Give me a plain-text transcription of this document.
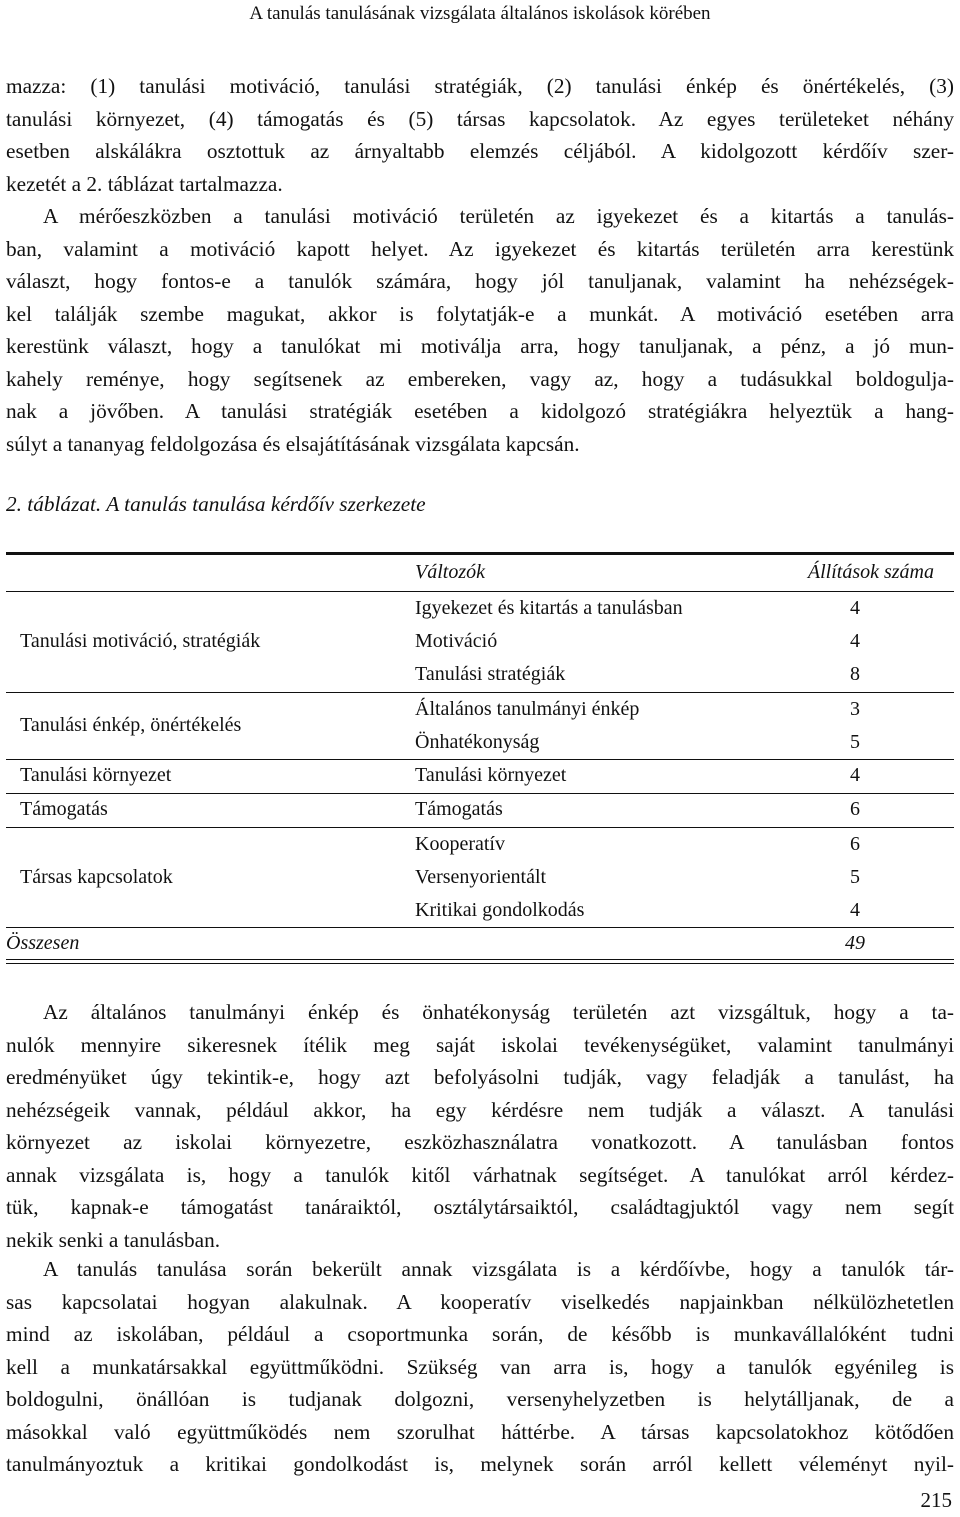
A tanulás tanulásának vizsgálata általános iskolások körében
mazza: (1) tanulási motiváció, tanulási stratégiák, (2) tanulási énkép és önértékelés, (3)
tanulási környezet, (4) támogatás és (5) társas kapcsolatok. Az egyes területeket néhány
esetben alskálákra osztottuk az árnyaltabb elemzés céljából. A kidolgozott kérdőív szer-
kezetét a 2. táblázat tartalmazza.
A mérőeszközben a tanulási motiváció területén az igyekezet és a kitartás a tanulás-
ban, valamint a motiváció kapott helyet. Az igyekezet és kitartás területén arra kerestünk
választ, hogy fontos-e a tanulók számára, hogy jól tanuljanak, valamint ha nehézségek-
kel találják szembe magukat, akkor is folytatják-e a munkát. A motiváció esetében arra
kerestünk választ, hogy a tanulókat mi motiválja arra, hogy tanuljanak, a pénz, a jó mun-
kahely reménye, hogy segítsenek az embereken, vagy az, hogy a tudásukkal boldogulja-
nak a jövőben. A tanulási stratégiák esetében a kidolgozó stratégiákra helyeztük a hang-
súlyt a tananyag feldolgozása és elsajátításának vizsgálata kapcsán.
2. táblázat. A tanulás tanulása kérdőív szerkezete
Változók	Állítások száma
Tanulási motiváció, stratégiák
Tanulási énkép, önértékelés
Tanulási környezet
Támogatás
Társas kapcsolatok
Igyekezet és kitartás a tanulásban
Motiváció
Tanulási stratégiák
Általános tanulmányi énkép
Önhatékonyság
Tanulási környezet
Támogatás
Kooperatív
Versenyorientált
Kritikai gondolkodás
4
4
8
3
5
4
6
6
5
4
Összesen	49
Az általános tanulmányi énkép és önhatékonyság területén azt vizsgáltuk, hogy a ta-
nulók mennyire sikeresnek ítélik meg saját iskolai tevékenységüket, valamint tanulmányi
eredményüket úgy tekintik-e, hogy azt befolyásolni tudják, vagy feladják a tanulást, ha
nehézségeik vannak, például akkor, ha egy kérdésre nem tudják a választ. A tanulási
környezet az iskolai környezetre, eszközhasználatra vonatkozott. A tanulásban fontos
annak vizsgálata is, hogy a tanulók kitől várhatnak segítséget. A tanulókat arról kérdez-
tük, kapnak-e támogatást tanáraiktól, osztálytársaiktól, családtagjuktól vagy nem segít
nekik senki a tanulásban.
A tanulás tanulása során bekerült annak vizsgálata is a kérdőívbe, hogy a tanulók tár-
sas kapcsolatai hogyan alakulnak. A kooperatív viselkedés napjainkban nélkülözhetetlen
mind az iskolában, például a csoportmunka során, de később is munkavállalóként tudni
kell a munkatársakkal együttműködni. Szükség van arra is, hogy a tanulók egyénileg is
boldogulni, önállóan is tudjanak dolgozni, versenyhelyzetben is helytálljanak, de a
másokkal való együttműködés nem szorulhat háttérbe. A társas kapcsolatokhoz kötődően
tanulmányoztuk a kritikai gondolkodást is, melynek során arról kellett véleményt nyil-
215
